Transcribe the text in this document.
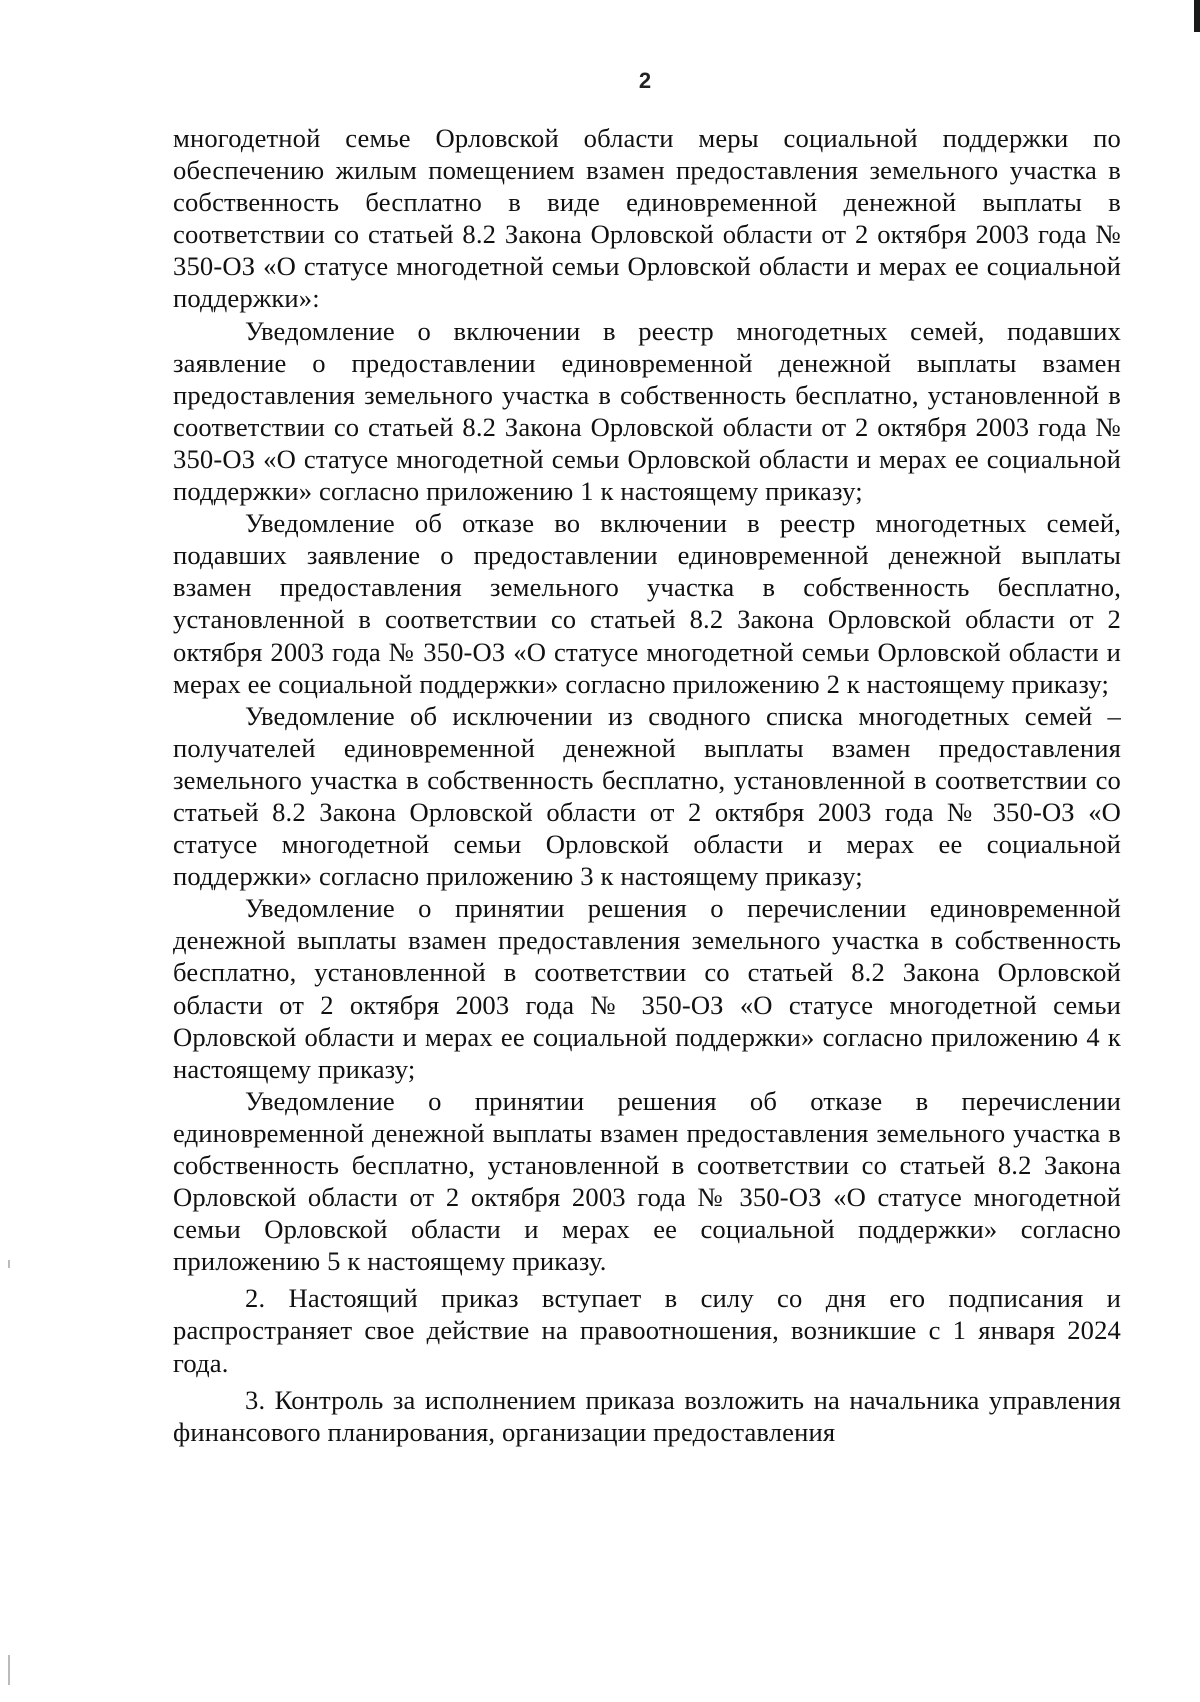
2

многодетной семье Орловской области меры социальной поддержки по обеспечению жилым помещением взамен предоставления земельного участка в собственность бесплатно в виде единовременной денежной выплаты в соответствии со статьей 8.2 Закона Орловской области от 2 октября 2003 года № 350-ОЗ «О статусе многодетной семьи Орловской области и мерах ее социальной поддержки»:

Уведомление о включении в реестр многодетных семей, подавших заявление о предоставлении единовременной денежной выплаты взамен предоставления земельного участка в собственность бесплатно, установленной в соответствии со статьей 8.2 Закона Орловской области от 2 октября 2003 года № 350-ОЗ «О статусе многодетной семьи Орловской области и мерах ее социальной поддержки» согласно приложению 1 к настоящему приказу;

Уведомление об отказе во включении в реестр многодетных семей, подавших заявление о предоставлении единовременной денежной выплаты взамен предоставления земельного участка в собственность бесплатно, установленной в соответствии со статьей 8.2 Закона Орловской области от 2 октября 2003 года № 350-ОЗ «О статусе многодетной семьи Орловской области и мерах ее социальной поддержки» согласно приложению 2 к настоящему приказу;

Уведомление об исключении из сводного списка многодетных семей – получателей единовременной денежной выплаты взамен предоставления земельного участка в собственность бесплатно, установленной в соответствии со статьей 8.2 Закона Орловской области от 2 октября 2003 года № 350-ОЗ «О статусе многодетной семьи Орловской области и мерах ее социальной поддержки» согласно приложению 3 к настоящему приказу;

Уведомление о принятии решения о перечислении единовременной денежной выплаты взамен предоставления земельного участка в собственность бесплатно, установленной в соответствии со статьей 8.2 Закона Орловской области от 2 октября 2003 года № 350-ОЗ «О статусе многодетной семьи Орловской области и мерах ее социальной поддержки» согласно приложению 4 к настоящему приказу;

Уведомление о принятии решения об отказе в перечислении единовременной денежной выплаты взамен предоставления земельного участка в собственность бесплатно, установленной в соответствии со статьей 8.2 Закона Орловской области от 2 октября 2003 года № 350-ОЗ «О статусе многодетной семьи Орловской области и мерах ее социальной поддержки» согласно приложению 5 к настоящему приказу.

2. Настоящий приказ вступает в силу со дня его подписания и распространяет свое действие на правоотношения, возникшие с 1 января 2024 года.

3. Контроль за исполнением приказа возложить на начальника управления финансового планирования, организации предоставления
